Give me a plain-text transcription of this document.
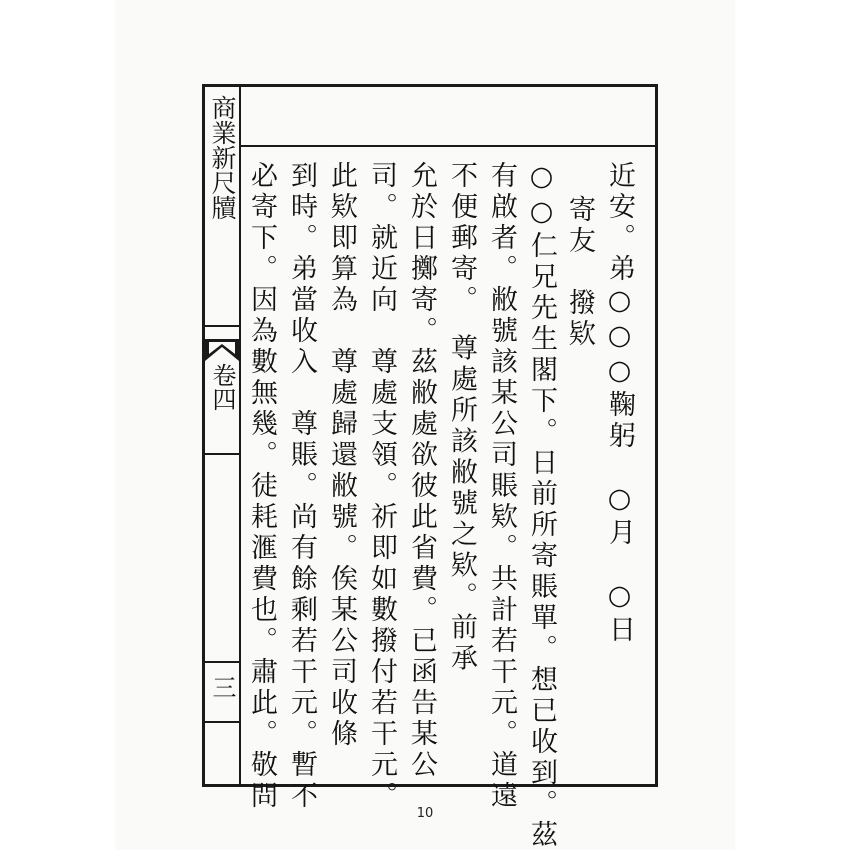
商業新尺牘
卷四
三
近安。弟○○○鞠躬　○月　○日
寄友　撥欵
○○仁兄先生閣下。日前所寄賬單。想已收到。茲
有啟者。敝號該某公司賬欵。共計若干元。道遠
不便郵寄。　尊處所該敝號之欵。前承
允於日擲寄。茲敝處欲彼此省費。已函告某公
司。就近向　尊處支領。祈即如數撥付若干元。
此欵即算為　尊處歸還敝號。俟某公司收條
到時。弟當收入　尊賬。尚有餘剩若干元。暫不
必寄下。因為數無幾。徒耗滙費也。肅此。敬問
10
